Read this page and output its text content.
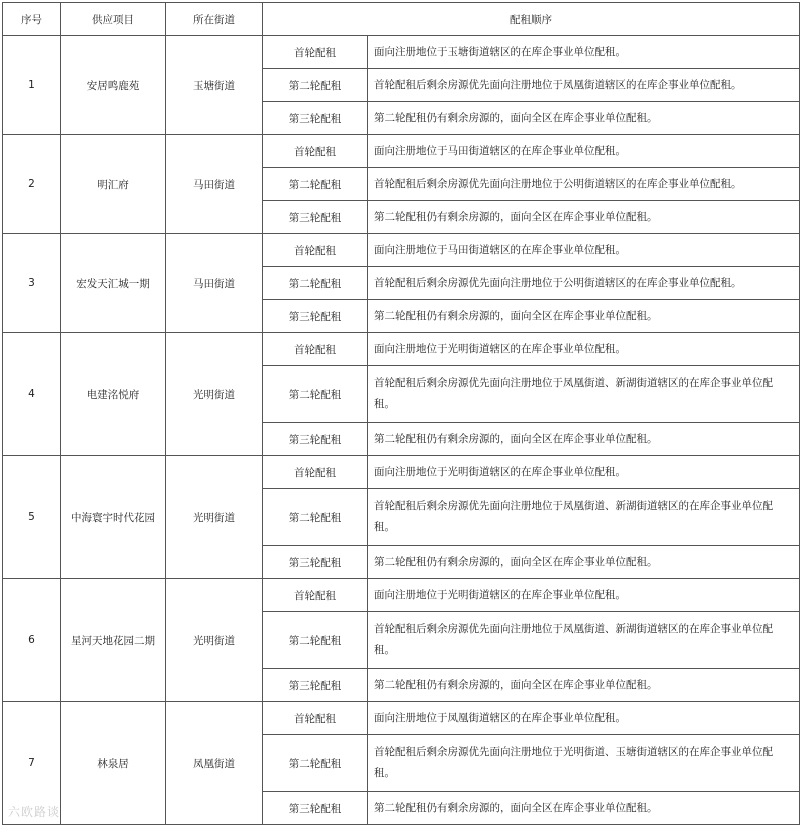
序号	供应项目	所在街道	配租顺序	
1	安居鸣鹿苑	玉塘街道	首轮配租	面向注册地位于玉塘街道辖区的在库企事业单位配租。
			第二轮配租	首轮配租后剩余房源优先面向注册地位于凤凰街道辖区的在库企事业单位配租。
			第三轮配租	第二轮配租仍有剩余房源的，面向全区在库企事业单位配租。
2	明汇府	马田街道	首轮配租	面向注册地位于马田街道辖区的在库企事业单位配租。
			第二轮配租	首轮配租后剩余房源优先面向注册地位于公明街道辖区的在库企事业单位配租。
			第三轮配租	第二轮配租仍有剩余房源的，面向全区在库企事业单位配租。
3	宏发天汇城一期	马田街道	首轮配租	面向注册地位于马田街道辖区的在库企事业单位配租。
			第二轮配租	首轮配租后剩余房源优先面向注册地位于公明街道辖区的在库企事业单位配租。
			第三轮配租	第二轮配租仍有剩余房源的，面向全区在库企事业单位配租。
4	电建洺悦府	光明街道	首轮配租	面向注册地位于光明街道辖区的在库企事业单位配租。
			第二轮配租	首轮配租后剩余房源优先面向注册地位于凤凰街道、新湖街道辖区的在库企事业单位配租。
			第三轮配租	第二轮配租仍有剩余房源的，面向全区在库企事业单位配租。
5	中海寰宇时代花园	光明街道	首轮配租	面向注册地位于光明街道辖区的在库企事业单位配租。
			第二轮配租	首轮配租后剩余房源优先面向注册地位于凤凰街道、新湖街道辖区的在库企事业单位配租。
			第三轮配租	第二轮配租仍有剩余房源的，面向全区在库企事业单位配租。
6	星河天地花园二期	光明街道	首轮配租	面向注册地位于光明街道辖区的在库企事业单位配租。
			第二轮配租	首轮配租后剩余房源优先面向注册地位于凤凰街道、新湖街道辖区的在库企事业单位配租。
			第三轮配租	第二轮配租仍有剩余房源的，面向全区在库企事业单位配租。
7	林泉居	凤凰街道	首轮配租	面向注册地位于凤凰街道辖区的在库企事业单位配租。
			第二轮配租	首轮配租后剩余房源优先面向注册地位于光明街道、玉塘街道辖区的在库企事业单位配租。
			第三轮配租	第二轮配租仍有剩余房源的，面向全区在库企事业单位配租。
六欧路谈
